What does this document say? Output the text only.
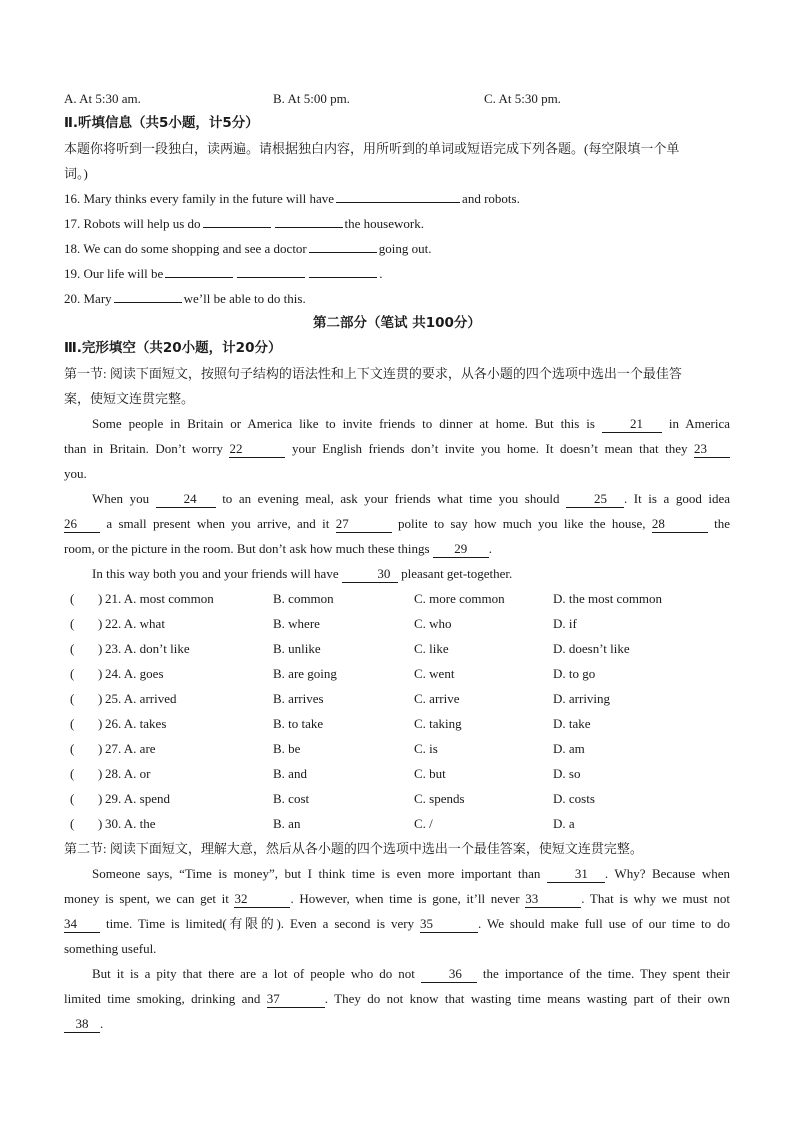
A. At 5:30 am.	B. At 5:00 pm.	C. At 5:30 pm.
Ⅱ.听填信息（共5小题，计5分）
本题你将听到一段独白，读两遍。请根据独白内容，用所听到的单词或短语完成下列各题。(每空限填一个单
词。)
16. Mary thinks every family in the future will have	and robots.
17. Robots will help us do	the housework.
18. We can do some shopping and see a doctor	going out.
19. Our life will be	.
20. Mary	we’ll be able to do this.
第二部分（笔试 共100分）
Ⅲ.完形填空（共20小题，计20分）
第一节: 阅读下面短文，按照句子结构的语法性和上下文连贯的要求，从各小题的四个选项中选出一个最佳答
案，使短文连贯完整。
Some people in Britain or America like to invite friends to dinner at home. But this is	21 in America
than in Britain. Don’t worry 22	your English friends don’t invite you home. It doesn’t mean that they 23
you.
When you	24 to an evening meal, ask your friends what time you should	25 . It is a good idea
26 a small present when you arrive, and it 27	polite to say how much you like the house, 28	the
room, or the picture in the room. But don’t ask how much these things 29 .
In this way both you and your friends will have	30 pleasant get-together.
( ) 21. A. most common	B. common	C. more common	D. the most common
( ) 22. A. what	B. where	C. who	D. if
( ) 23. A. don’t like	B. unlike	C. like	D. doesn’t like
( ) 24. A. goes	B. are going	C. went	D. to go
( ) 25. A. arrived	B. arrives	C. arrive	D. arriving
( ) 26. A. takes	B. to take	C. taking	D. take
( ) 27. A. are	B. be	C. is	D. am
( ) 28. A. or	B. and	C. but	D. so
( ) 29. A. spend	B. cost	C. spends	D. costs
( ) 30. A. the	B. an	C. /	D. a
第二节: 阅读下面短文，理解大意，然后从各小题的四个选项中选出一个最佳答案，使短文连贯完整。
Someone says, “Time is money”, but I think time is even more important than	31 . Why? Because when
money is spent, we can get it 32	. However, when time is gone, it’ll never 33	. That is why we must not
34 time. Time is limited(有限的). Even a second is very 35	. We should make full use of our time to do
something useful.
But it is a pity that there are a lot of people who do not	36 the importance of the time. They spent their
limited time smoking, drinking and 37	. They do not know that wasting time means wasting part of their own
38 .
